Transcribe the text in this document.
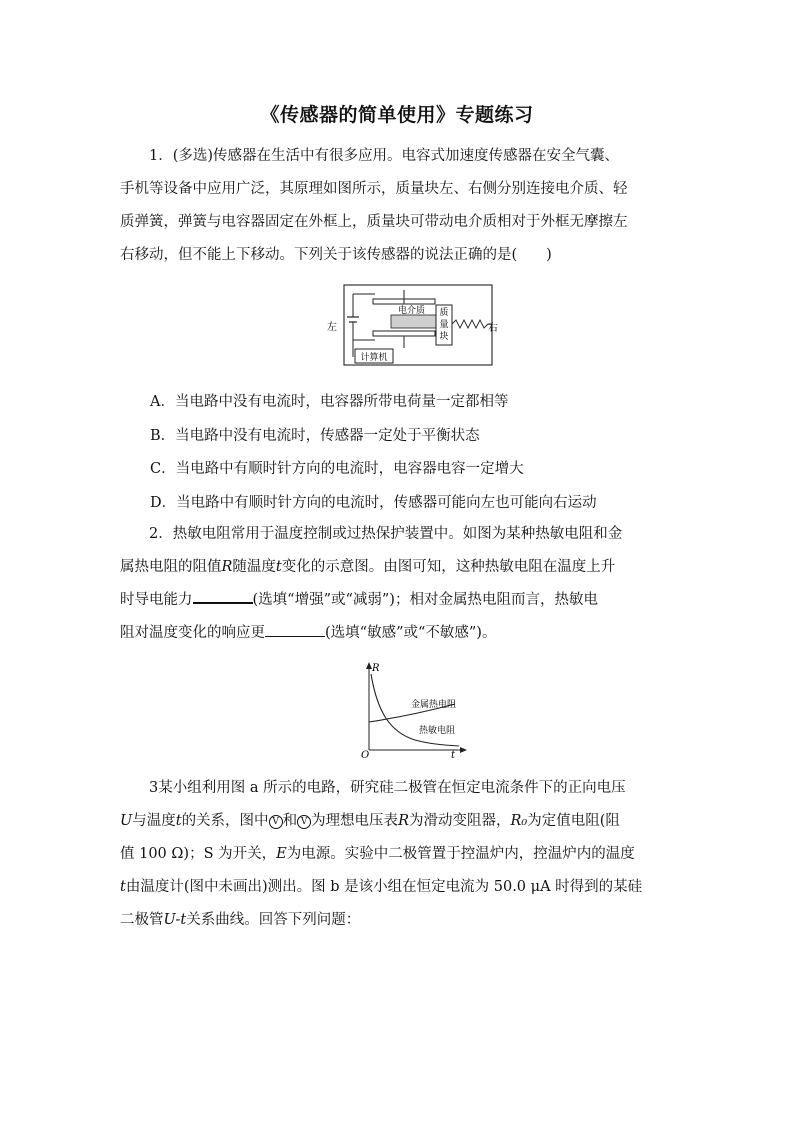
《传感器的简单使用》专题练习
1．(多选)传感器在生活中有很多应用。电容式加速度传感器在安全气囊、
手机等设备中应用广泛，其原理如图所示，质量块左、右侧分别连接电介质、轻
质弹簧，弹簧与电容器固定在外框上，质量块可带动电介质相对于外框无摩擦左
右移动，但不能上下移动。下列关于该传感器的说法正确的是(　　)
电介质 质
量
块
计算机
左	右
A．当电路中没有电流时，电容器所带电荷量一定都相等
B．当电路中没有电流时，传感器一定处于平衡状态
C．当电路中有顺时针方向的电流时，电容器电容一定增大
D．当电路中有顺时针方向的电流时，传感器可能向左也可能向右运动
2．热敏电阻常用于温度控制或过热保护装置中。如图为某种热敏电阻和金
属热电阻的阻值R随温度t变化的示意图。由图可知，这种热敏电阻在温度上升
时导电能力	(选填“增强”或“减弱”)；相对金属热电阻而言，热敏电
阻对温度变化的响应更	(选填“敏感”或“不敏感”)。
R
t
O
金属热电阻
热敏电阻
3某小组利用图 a 所示的电路，研究硅二极管在恒定电流条件下的正向电压
U与温度t的关系，图中 V 和 V 为理想电压表R为滑动变阻器，R₀为定值电阻(阻
值 100 Ω)；S 为开关，E为电源。实验中二极管置于控温炉内，控温炉内的温度
t由温度计(图中未画出)测出。图 b 是该小组在恒定电流为 50.0 μA 时得到的某硅
二极管U-t关系曲线。回答下列问题：
